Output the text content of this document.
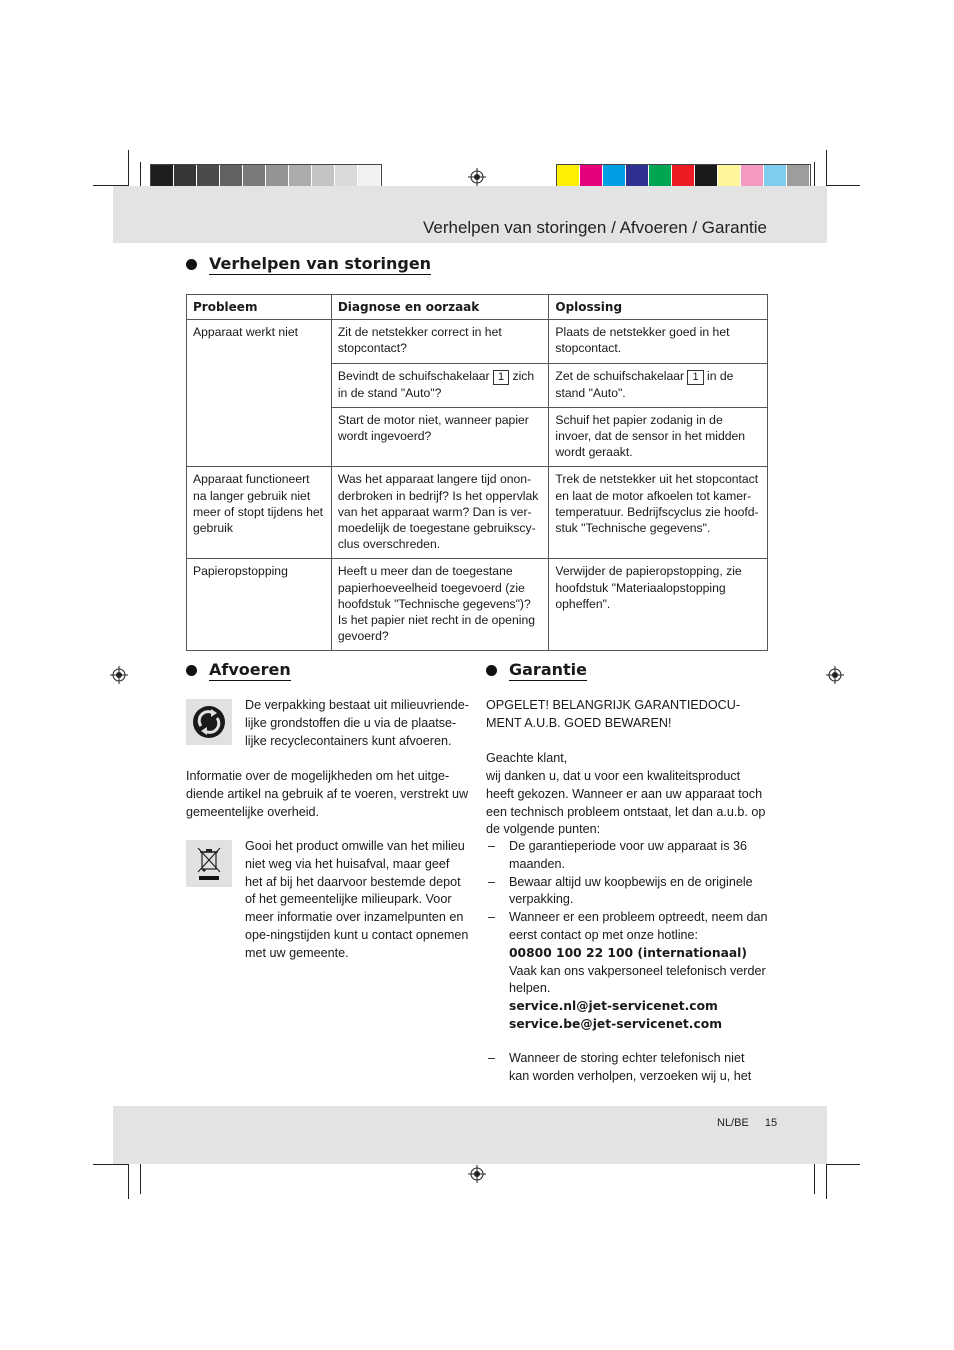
Verhelpen van storingen / Afvoeren / Garantie
Verhelpen van storingen
Probleem	Diagnose en oorzaak	Oplossing
Apparaat werkt niet	Zit de netstekker correct in het stopcontact?	Plaats de netstekker goed in het stopcontact.
	Bevindt de schuifschakelaar 1 zich in de stand "Auto"?	Zet de schuifschakelaar 1 in de stand "Auto".
	Start de motor niet, wanneer papier wordt ingevoerd?	Schuif het papier zodanig in de invoer, dat de sensor in het midden wordt geraakt.
Apparaat functioneert na langer gebruik niet meer of stopt tijdens het gebruik	Was het apparaat langere tijd onon-derbroken in bedrijf? Is het oppervlak van het apparaat warm? Dan is ver-moedelijk de toegestane gebruikscy-clus overschreden.	Trek de netstekker uit het stopcontact en laat de motor afkoelen tot kamer-temperatuur. Bedrijfscyclus zie hoofd-stuk "Technische gegevens".
Papieropstopping	Heeft u meer dan de toegestane papierhoeveelheid toegevoerd (zie hoofdstuk "Technische gegevens")? Is het papier niet recht in de opening gevoerd?	Verwijder de papieropstopping, zie hoofdstuk "Materiaalopstopping opheffen".
Afvoeren
De verpakking bestaat uit milieuvriende-lijke grondstoffen die u via de plaatse-lijke recyclecontainers kunt afvoeren.
Informatie over de mogelijkheden om het uitge-diende artikel na gebruik af te voeren, verstrekt uw gemeentelijke overheid.
Gooi het product omwille van het milieu niet weg via het huisafval, maar geef het af bij het daarvoor bestemde depot of het gemeentelijke milieupark. Voor meer informatie over inzamelpunten en ope-ningstijden kunt u contact opnemen met uw gemeente.
Garantie
OPGELET! BELANGRIJK GARANTIEDOCU-MENT A.U.B. GOED BEWAREN!
Geachte klant,
wij danken u, dat u voor een kwaliteitsproduct heeft gekozen. Wanneer er aan uw apparaat toch een technisch probleem ontstaat, let dan a.u.b. op de volgende punten:
– De garantieperiode voor uw apparaat is 36 maanden.
– Bewaar altijd uw koopbewijs en de originele verpakking.
– Wanneer er een probleem optreedt, neem dan eerst contact op met onze hotline:
00800 100 22 100 (internationaal)
Vaak kan ons vakpersoneel telefonisch verder helpen.
service.nl@jet-servicenet.com
service.be@jet-servicenet.com
– Wanneer de storing echter telefonisch niet kan worden verholpen, verzoeken wij u, het
NL/BE 15
